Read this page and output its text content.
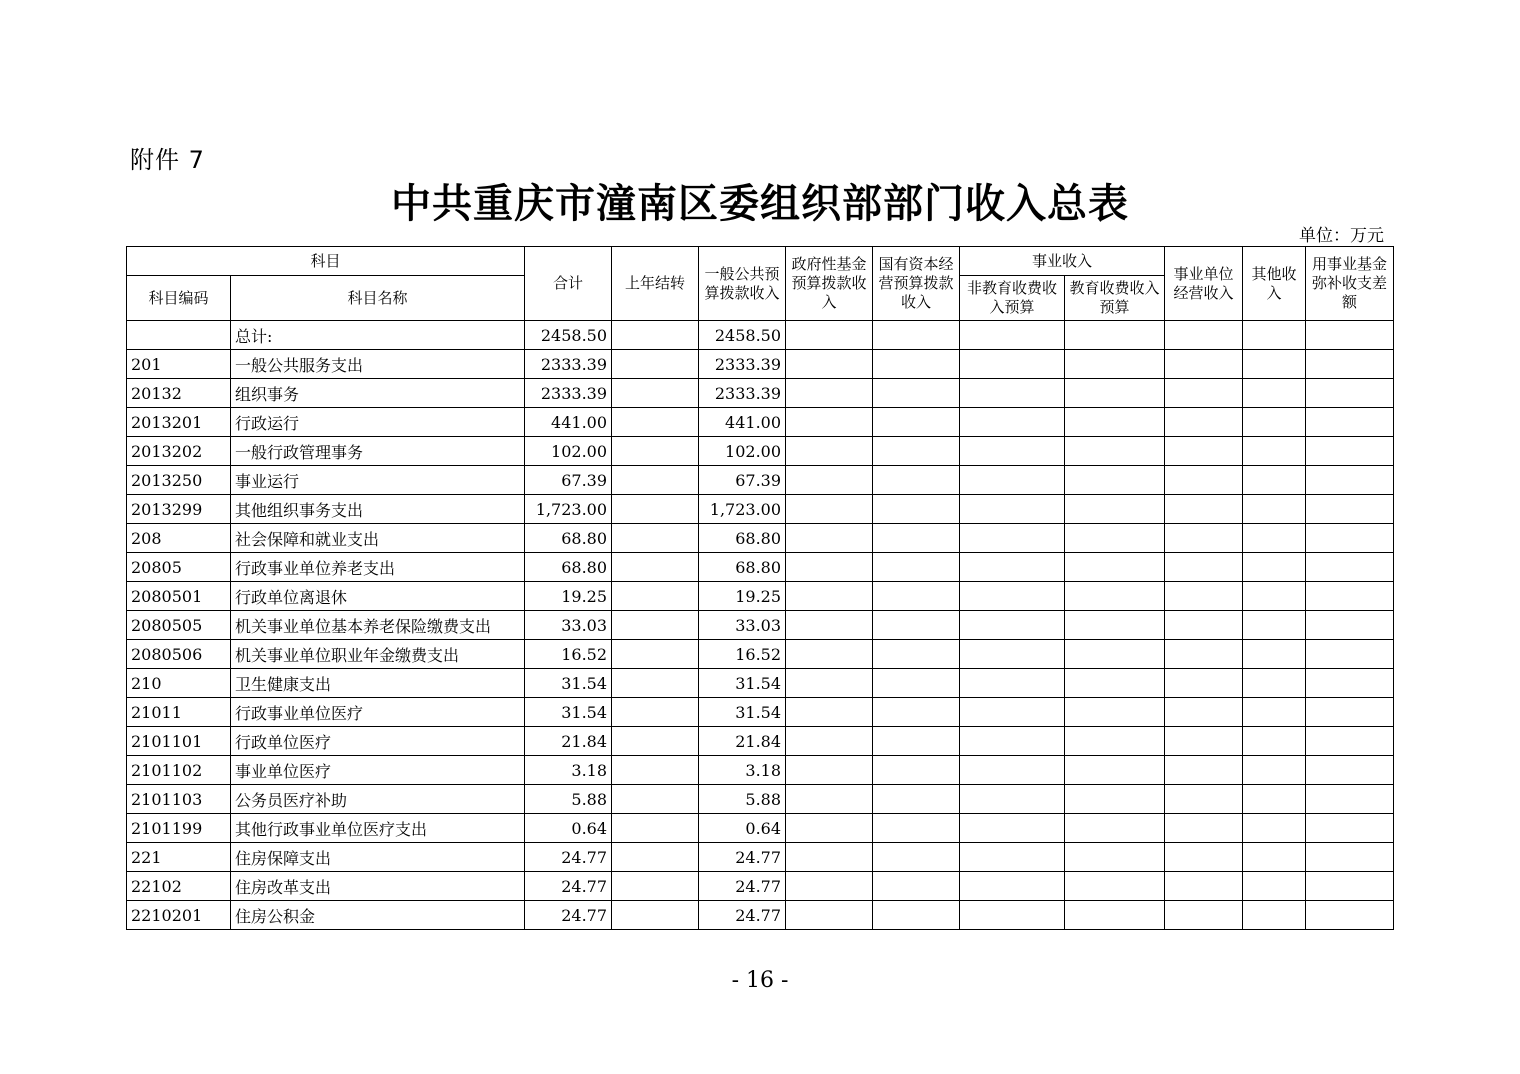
附件 7
中共重庆市潼南区委组织部部门收入总表
单位：万元
科目		合计	上年结转	一般公共预算拨款收入	政府性基金预算拨款收入	国有资本经营预算拨款收入	事业收入		事业单位经营收入	其他收入	用事业基金弥补收支差额
科目编码	科目名称						非教育收费收入预算	教育收费收入预算			
	总计:	2458.50		2458.50							
201	一般公共服务支出	2333.39		2333.39							
20132	组织事务	2333.39		2333.39							
2013201	行政运行	441.00		441.00							
2013202	一般行政管理事务	102.00		102.00							
2013250	事业运行	67.39		67.39							
2013299	其他组织事务支出	1,723.00		1,723.00							
208	社会保障和就业支出	68.80		68.80							
20805	行政事业单位养老支出	68.80		68.80							
2080501	行政单位离退休	19.25		19.25							
2080505	机关事业单位基本养老保险缴费支出	33.03		33.03							
2080506	机关事业单位职业年金缴费支出	16.52		16.52							
210	卫生健康支出	31.54		31.54							
21011	行政事业单位医疗	31.54		31.54							
2101101	行政单位医疗	21.84		21.84							
2101102	事业单位医疗	3.18		3.18							
2101103	公务员医疗补助	5.88		5.88							
2101199	其他行政事业单位医疗支出	0.64		0.64							
221	住房保障支出	24.77		24.77							
22102	住房改革支出	24.77		24.77							
2210201	住房公积金	24.77		24.77							
- 16 -
